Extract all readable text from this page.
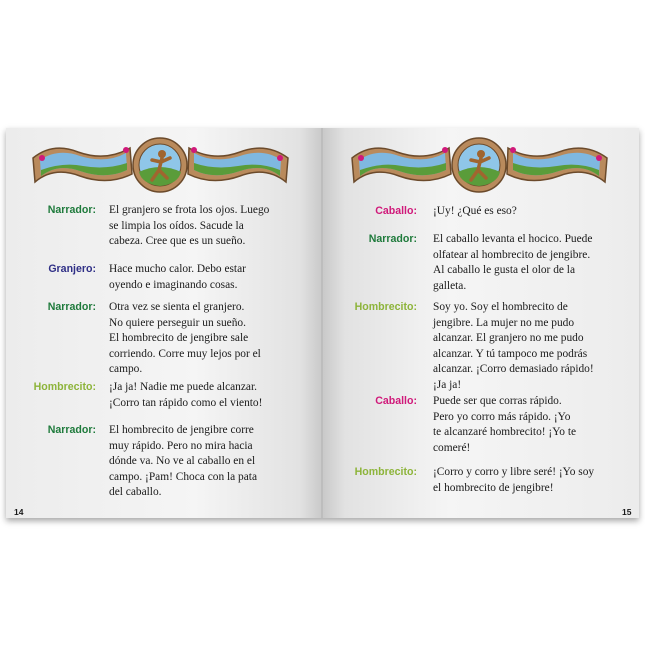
Narrador: El granjero se frota los ojos. Luego
se limpia los oídos. Sacude la
cabeza. Cree que es un sueño.
Granjero: Hace mucho calor. Debo estar
oyendo e imaginando cosas.
Narrador: Otra vez se sienta el granjero.
No quiere perseguir un sueño.
El hombrecito de jengibre sale
corriendo. Corre muy lejos por el
campo.
Hombrecito: ¡Ja ja! Nadie me puede alcanzar.
¡Corro tan rápido como el viento!
Narrador: El hombrecito de jengibre corre
muy rápido. Pero no mira hacia
dónde va. No ve al caballo en el
campo. ¡Pam! Choca con la pata
del caballo.
14
Caballo: ¡Uy! ¿Qué es eso?
Narrador: El caballo levanta el hocico. Puede
olfatear al hombrecito de jengibre.
Al caballo le gusta el olor de la
galleta.
Hombrecito: Soy yo. Soy el hombrecito de
jengibre. La mujer no me pudo
alcanzar. El granjero no me pudo
alcanzar. Y tú tampoco me podrás
alcanzar. ¡Corro demasiado rápido!
¡Ja ja!
Caballo: Puede ser que corras rápido.
Pero yo corro más rápido. ¡Yo
te alcanzaré hombrecito! ¡Yo te
comeré!
Hombrecito: ¡Corro y corro y libre seré! ¡Yo soy
el hombrecito de jengibre!
15
